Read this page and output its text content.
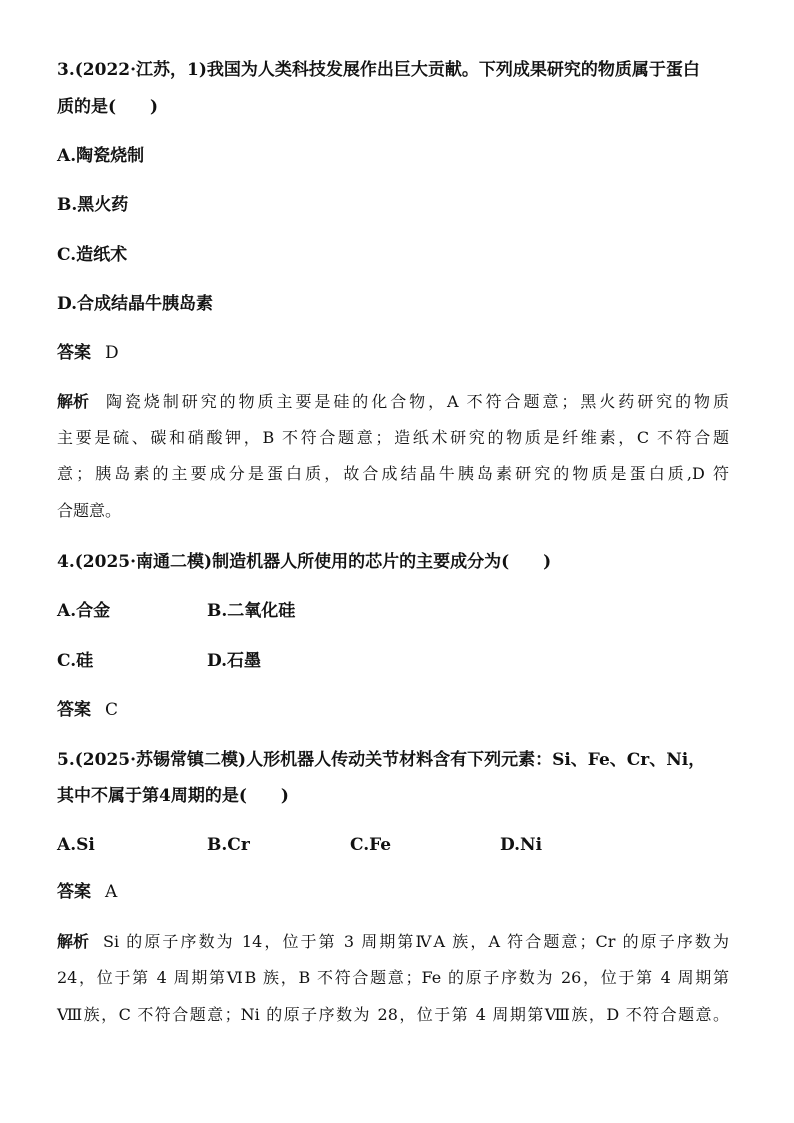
3.(2022·江苏，1)我国为人类科技发展作出巨大贡献。下列成果研究的物质属于蛋白
质的是(　　)
A.陶瓷烧制
B.黑火药
C.造纸术
D.合成结晶牛胰岛素
答案 D
解析 陶瓷烧制研究的物质主要是硅的化合物，A 不符合题意；黑火药研究的物质
主要是硫、碳和硝酸钾，B 不符合题意；造纸术研究的物质是纤维素，C 不符合题
意；胰岛素的主要成分是蛋白质，故合成结晶牛胰岛素研究的物质是蛋白质,D 符
合题意。
4.(2025·南通二模)制造机器人所使用的芯片的主要成分为(　　)
A.合金	B.二氧化硅
C.硅	D.石墨
答案 C
5.(2025·苏锡常镇二模)人形机器人传动关节材料含有下列元素：Si、Fe、Cr、Ni，
其中不属于第4周期的是(　　)
A.Si	B.Cr	C.Fe	D.Ni
答案 A
解析 Si 的原子序数为 14，位于第 3 周期第ⅣA 族，A 符合题意；Cr 的原子序数为
24，位于第 4 周期第ⅥB 族，B 不符合题意；Fe 的原子序数为 26，位于第 4 周期第
Ⅷ族，C 不符合题意；Ni 的原子序数为 28，位于第 4 周期第Ⅷ族，D 不符合题意。
